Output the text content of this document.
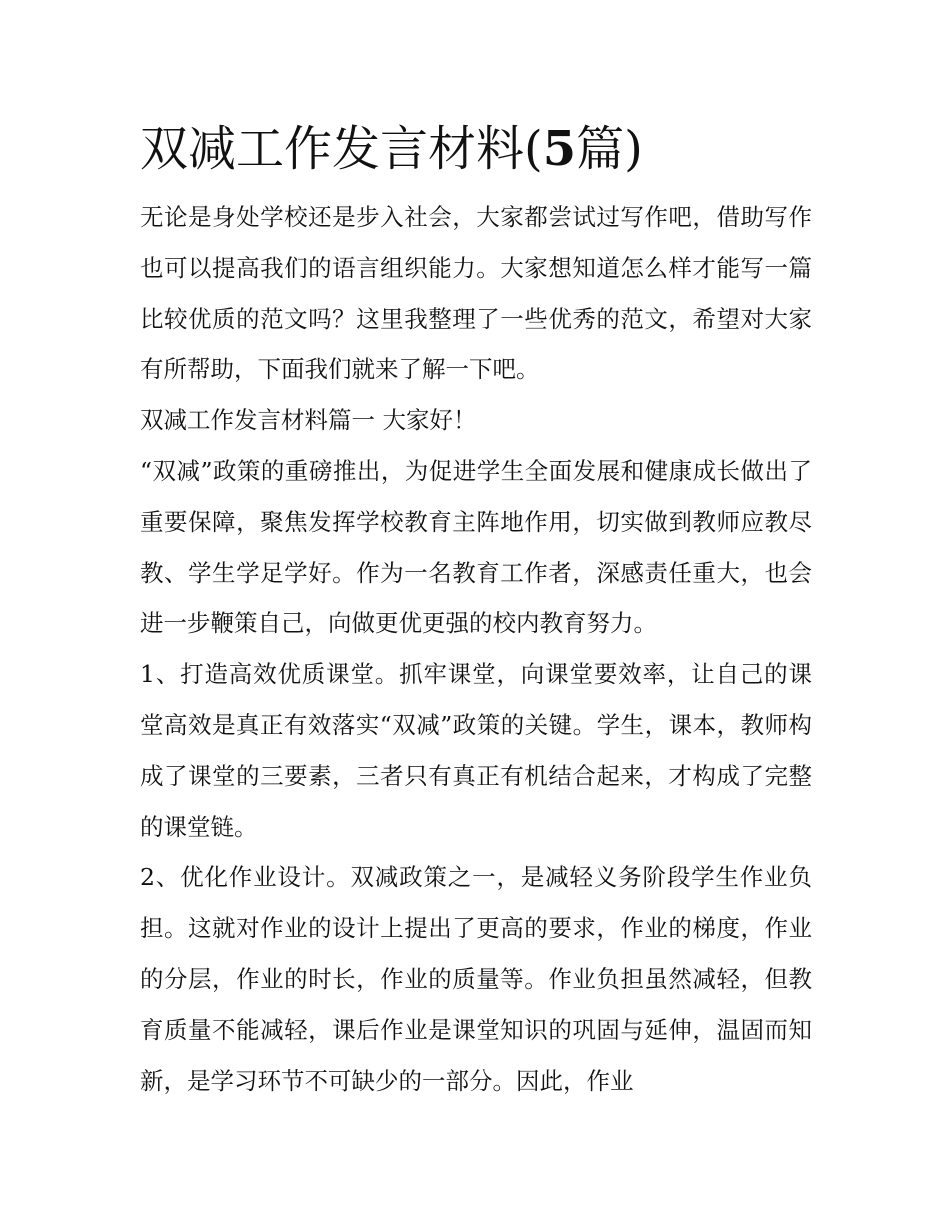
双减工作发言材料(5篇)

无论是身处学校还是步入社会，大家都尝试过写作吧，借助写作也可以提高我们的语言组织能力。大家想知道怎么样才能写一篇比较优质的范文吗？这里我整理了一些优秀的范文，希望对大家有所帮助，下面我们就来了解一下吧。

双减工作发言材料篇一 大家好！

“双减”政策的重磅推出，为促进学生全面发展和健康成长做出了重要保障，聚焦发挥学校教育主阵地作用，切实做到教师应教尽教、学生学足学好。作为一名教育工作者，深感责任重大，也会进一步鞭策自己，向做更优更强的校内教育努力。

1、打造高效优质课堂。抓牢课堂，向课堂要效率，让自己的课堂高效是真正有效落实“双减”政策的关键。学生，课本，教师构成了课堂的三要素，三者只有真正有机结合起来，才构成了完整的课堂链。

2、优化作业设计。双减政策之一，是减轻义务阶段学生作业负担。这就对作业的设计上提出了更高的要求，作业的梯度，作业的分层，作业的时长，作业的质量等。作业负担虽然减轻，但教育质量不能减轻，课后作业是课堂知识的巩固与延伸，温固而知新，是学习环节不可缺少的一部分。因此，作业
